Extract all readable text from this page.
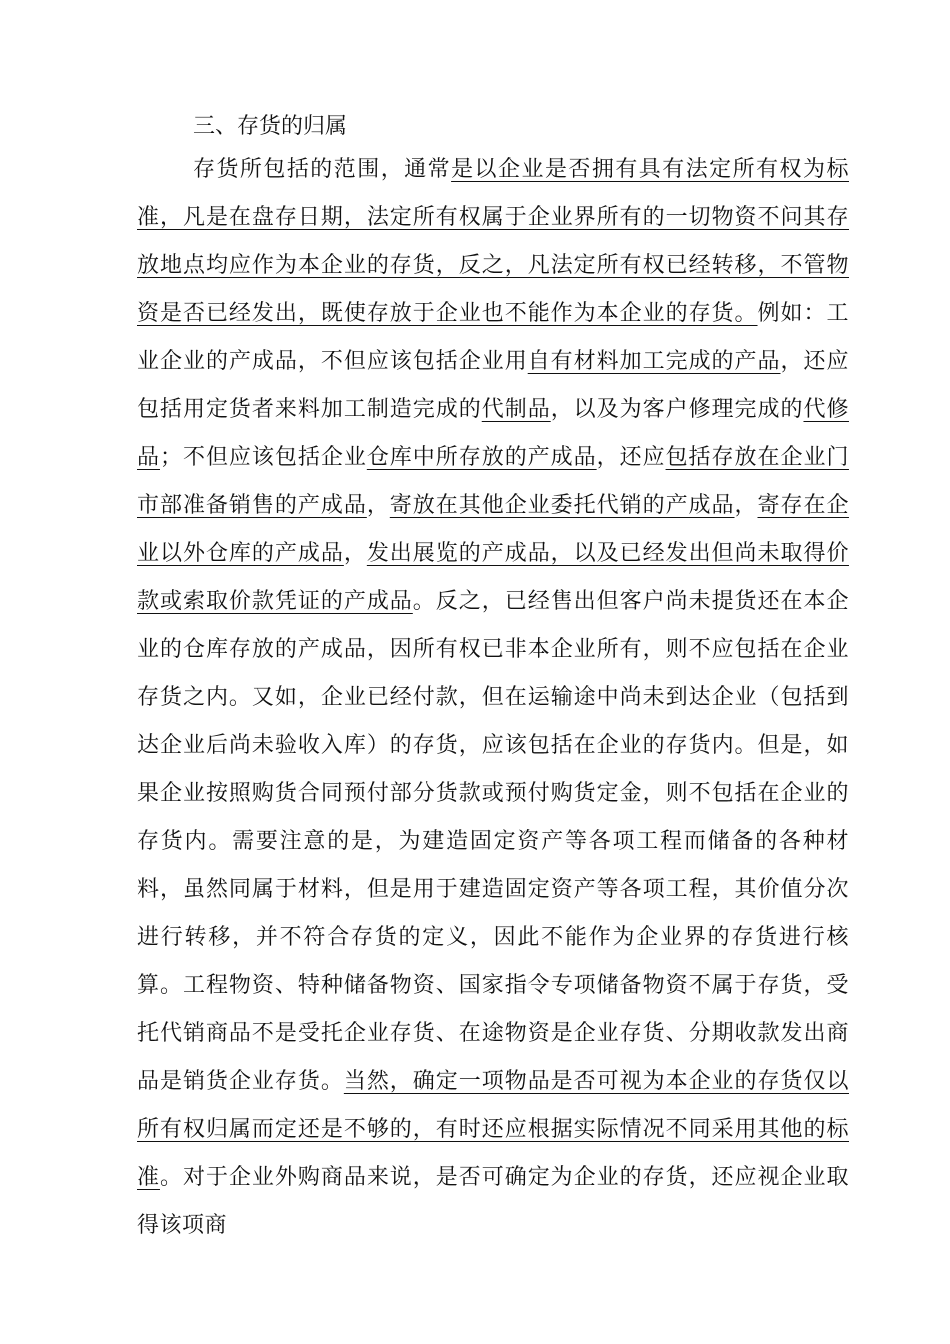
三、存货的归属

存货所包括的范围，通常是以企业是否拥有具有法定所有权为标准，凡是在盘存日期，法定所有权属于企业界所有的一切物资不问其存放地点均应作为本企业的存货，反之，凡法定所有权已经转移，不管物资是否已经发出，既使存放于企业也不能作为本企业的存货。例如：工业企业的产成品，不但应该包括企业用自有材料加工完成的产品，还应包括用定货者来料加工制造完成的代制品，以及为客户修理完成的代修品；不但应该包括企业仓库中所存放的产成品，还应包括存放在企业门市部准备销售的产成品，寄放在其他企业委托代销的产成品，寄存在企业以外仓库的产成品，发出展览的产成品，以及已经发出但尚未取得价款或索取价款凭证的产成品。反之，已经售出但客户尚未提货还在本企业的仓库存放的产成品，因所有权已非本企业所有，则不应包括在企业存货之内。又如，企业已经付款，但在运输途中尚未到达企业（包括到达企业后尚未验收入库）的存货，应该包括在企业的存货内。但是，如果企业按照购货合同预付部分货款或预付购货定金，则不包括在企业的存货内。需要注意的是，为建造固定资产等各项工程而储备的各种材料，虽然同属于材料，但是用于建造固定资产等各项工程，其价值分次进行转移，并不符合存货的定义，因此不能作为企业界的存货进行核算。工程物资、特种储备物资、国家指令专项储备物资不属于存货，受托代销商品不是受托企业存货、在途物资是企业存货、分期收款发出商品是销货企业存货。当然，确定一项物品是否可视为本企业的存货仅以所有权归属而定还是不够的，有时还应根据实际情况不同采用其他的标准。对于企业外购商品来说，是否可确定为企业的存货，还应视企业取得该项商
